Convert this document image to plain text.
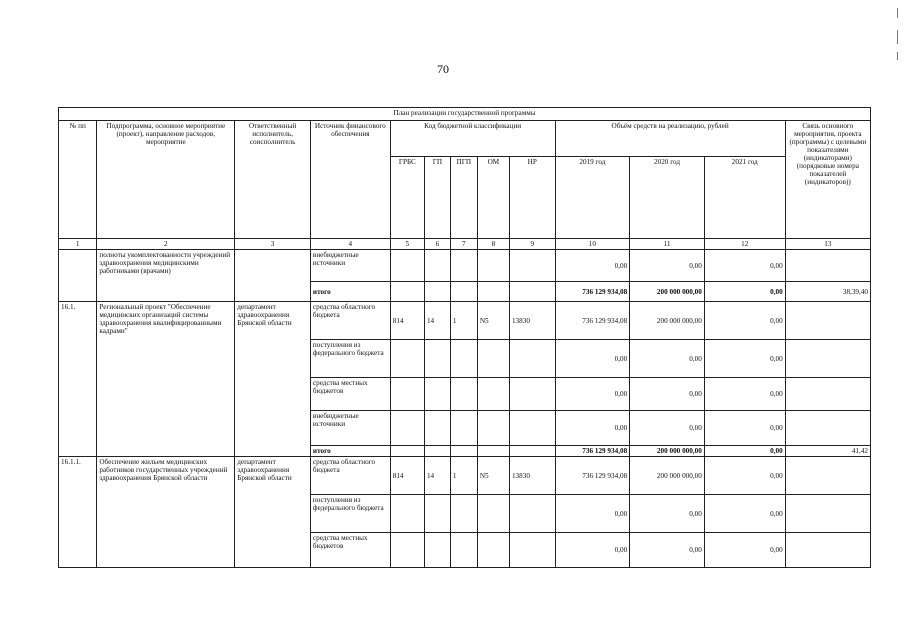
70
План реализации государственной программы												
№ пп	Подпрограмма, основное мероприятие (проект), направление расходов, мероприятие	Ответственный исполнитель, соисполнитель	Источник финансового обеспечения	Код бюджетной классификации					Объём средств на реализацию, рублей			Связь основного мероприятия, проекта (программы) с целевыми показателями (индикаторами) (порядковые номера показателей (индикаторов))
				ГРБС	ГП	ПГП	ОМ	НР	2019 год	2020 год	2021 год	
1	2	3	4	5	6	7	8	9	10	11	12	13
	полноты укомплектованности учреждений здравоохранения медицинскими работниками (врачами)		внебюджетные источники						0,00	0,00	0,00	
			итого						736 129 934,08	200 000 000,00	0,00	38,39,40
16.1.	Региональный проект "Обеспечение медицинских организаций системы здравоохранения квалифицированными кадрами"	департамент здравоохранения Брянской области	средства областного бюджета	814	14	1	N5	13830	736 129 934,08	200 000 000,00	0,00	
			поступления из федерального бюджета						0,00	0,00	0,00	
			средства местных бюджетов						0,00	0,00	0,00	
			внебюджетные источники						0,00	0,00	0,00	
			итого						736 129 934,08	200 000 000,00	0,00	41,42
16.1.1.	Обеспечение жильем медицинских работников государственных учреждений здравоохранения Брянской области	департамент здравоохранения Брянской области	средства областного бюджета	814	14	1	N5	13830	736 129 934,08	200 000 000,00	0,00	
			поступления из федерального бюджета						0,00	0,00	0,00	
			средства местных бюджетов						0,00	0,00	0,00	
